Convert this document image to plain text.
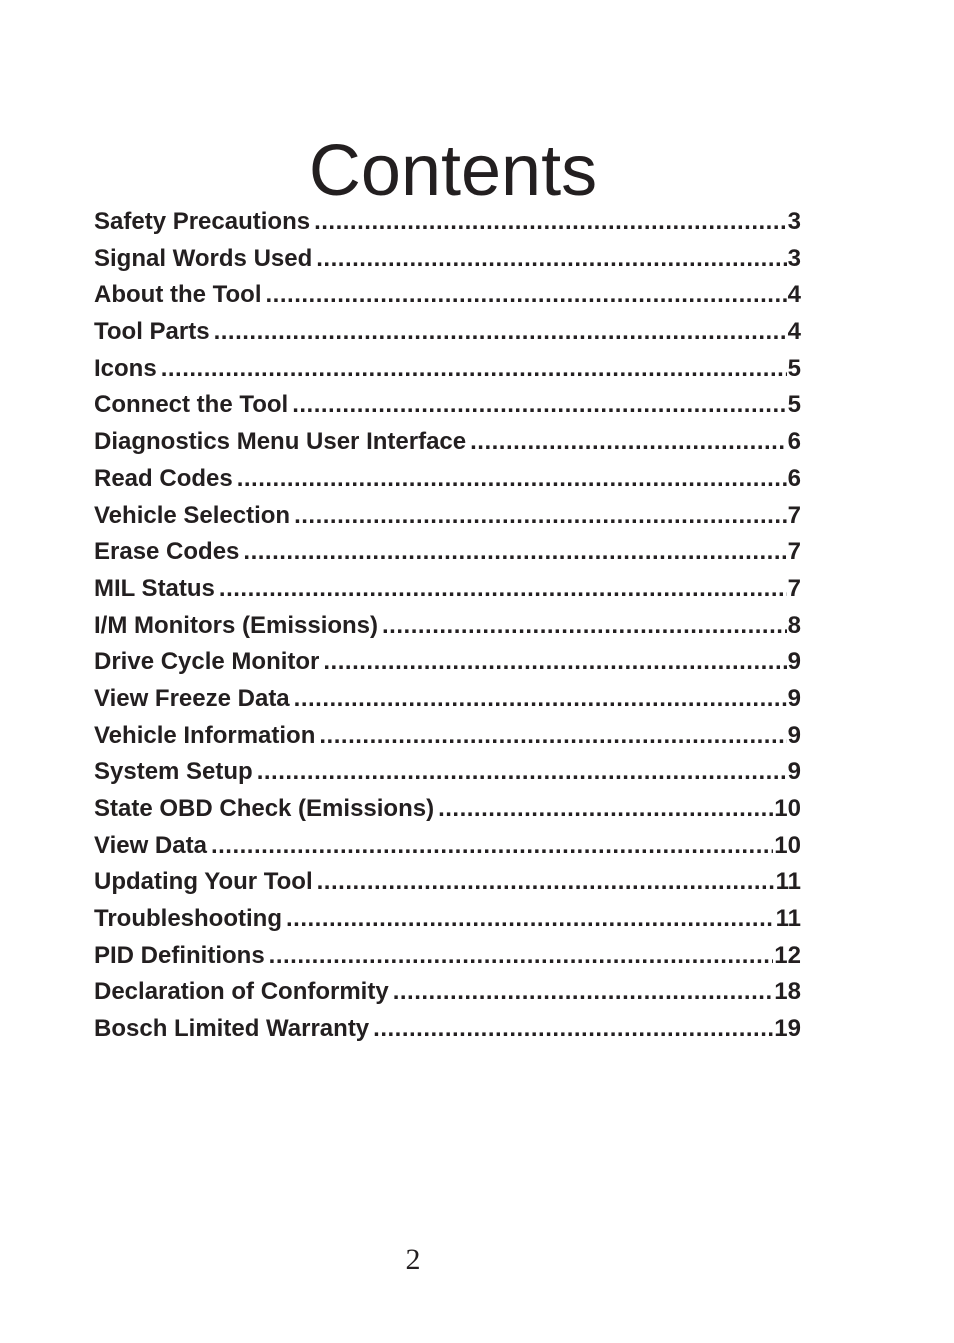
Contents
Safety Precautions .....	3
Signal Words Used .....	3
About the Tool .....	4
Tool Parts .....	4
Icons .....	5
Connect the Tool .....	5
Diagnostics Menu User Interface .....	6
Read Codes .....	6
Vehicle Selection .....	7
Erase Codes .....	7
MIL Status .....	7
I/M Monitors (Emissions) .....	8
Drive Cycle Monitor .....	9
View Freeze Data .....	9
Vehicle Information .....	9
System Setup .....	9
State OBD Check (Emissions) .....	10
View Data .....	10
Updating Your Tool .....	11
Troubleshooting .....	11
PID Definitions .....	12
Declaration of Conformity .....	18
Bosch Limited Warranty .....	19
2
